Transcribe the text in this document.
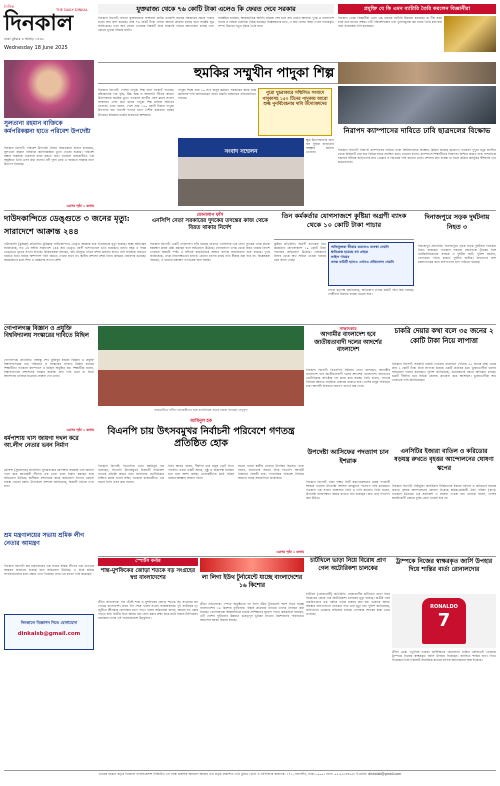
দৈনিক
দিনকাল
THE DAILY DINKAL
ঢাকা বুধবার ৪ আষাঢ় ১৪৩২
Wednesday 18 June 2025
যুক্তরাজ্য থেকে ৭৬ কোটি টাকা এলেও কি ফেরত দেবে সরকার	প্রযুক্তি যে কি এমন ব্যাটারি তৈরি করলেন বিজ্ঞানীরা
দিনকাল রিপোর্ট: লন্ডনে যুক্তরাজ্যের ন্যাশনাল ক্রাইম এজেন্সি সাবেক সরকারের সময়ে পাচার হওয়া অর্থ জব্দ করেছে। প্রায় ৭৬ কোটি টাকা ফেরত আনার প্রক্রিয়া চলছে বলে সংশ্লিষ্ট সূত্র জানিয়েছে। তবে অর্থ ফেরত দেওয়ার বিষয়টি নিয়ে সরকারি পর্যায়ে আলোচনা চলছে এবং কোনো চূড়ান্ত সিদ্ধান্ত হয়নি।
সংশ্লিষ্টরা বলছেন, আন্তর্জাতিক আইনি প্রক্রিয়া শেষ হলে অর্থ ফেরত আসবে। দুদক ও বাংলাদেশ ব্যাংক এ বিষয়ে একাধিক বৈঠক করেছে। বিশ্লেষকদের মতে, এ অর্থ ফেরত আনা গেলে পাচারকৃত সম্পদ উদ্ধারে নতুন দৃষ্টান্ত তৈরি হবে।
দিনকাল ডেস্ক: বিজ্ঞানীরা এমন এক ধরনের ব্যাটারি উদ্ভাবন করেছেন যা দীর্ঘ সময় চার্জ ধরে রাখতে সক্ষম। এটি পরিবেশবান্ধব এবং তুলনামূলক কম খরচে তৈরি করা যায় বলে গবেষকরা দাবি করেছেন।
হুমকির সম্মুখীন পাদুকা শিল্প
সুলতানা রহমান বাক্তিকে কর্মপরিকল্পনা হাতে পরিবেশ উপদেষ্টা
দিনকাল রিপোর্ট: পরিবেশ উপদেষ্টা সৈয়দা রিজওয়ানা হাসান বলেছেন, সুলতানা রহমান বাক্তিকে কর্মপরিকল্পনা তুলে দেওয়া হয়েছে। পরিবেশ রক্ষায় সকলকে একসঙ্গে কাজ করতে হবে। গতকাল রাজধানীতে এক অনুষ্ঠানে তিনি এসব কথা বলেন। নদী দূষণ রোধ ও বনায়নে সরকার নানা উদ্যোগ নিয়েছে।
এরপর পৃষ্ঠা ২ কলাম
দিনকাল রিপোর্ট: দেশের পাদুকা শিল্প নানা সংকটে পড়েছে। কাঁচামালের দাম বৃদ্ধি, উচ্চ শুল্ক ও আমদানি নীতির কারণে উদ্যোক্তারা হুমকির মুখে। গতকাল জাতীয় প্রেস ক্লাবে সংবাদ সম্মেলনে এসব কথা বলেন পাদুকা শিল্প মালিক সমিতির নেতারা। তারা বলেন, দেশে প্রায় ১৫০ কোটি টাকার পাদুকা উৎপাদন হয়। বিদেশি পণ্যের চাপে দেশীয় কারখানা বন্ধের উপক্রম। শ্রমিকরা চাকরি হারানোর আশঙ্কায়।
সংবাদ সম্মেলন
পাদুকা শিল্পে প্রায় ১০ লাখ মানুষ কর্মরত। সরকারের কাছে শুল্ক কমানোর দাবি জানিয়েছেন তারা। রপ্তানি বাজারেও প্রতিযোগিতা বাড়ছে।
পুরো খুচরাকারে সম্মিলিত সংবাদে পাদুকাসহ ১৫০ টিনের পাদুকায় আরো শুল্ক পুনর্বিবেচনার দাবি উদ্যোক্তাদের
ক্ষুদ্র উদ্যোক্তাদের জন্য ঋণ সুবিধা বাড়ানোর আহ্বান জানান নেতারা।
নিরাপদ ক্যাম্পাসের দাবিতে ঢাবি ছাত্রদলের বিক্ষোভ
দিনকাল রিপোর্ট: নিরাপদ ক্যাম্পাসের দাবিতে ঢাকা বিশ্ববিদ্যালয়ে বিক্ষোভ মিছিল করেছে ছাত্রদল। গতকাল দুপুরে মধুর ক্যান্টিন থেকে মিছিলটি বের হয়ে বিভিন্ন সড়ক প্রদক্ষিণ করে। নেতারা বলেন, ক্যাম্পাসে শিক্ষার্থীদের নিরাপত্তা নিশ্চিত করতে হবে। সাম্প্রতিক হামলার ঘটনায় জড়িতদের দ্রুত গ্রেপ্তার ও বিচারের দাবি জানান তারা। প্রশাসন দ্রুত ব্যবস্থা না নিলে কঠোর কর্মসূচির হুঁশিয়ারি দেন ছাত্রনেতারা।
দাউদকান্দিতে ডেঙ্গুতে ৩ জনের মৃত্যু: সারাদেশে আক্রান্ত ২৪৪
দাউদকান্দি (কুমিল্লা) প্রতিনিধি: কুমিল্লার দাউদকান্দিতে ডেঙ্গু আক্রান্ত হয়ে তিনজনের মৃত্যু হয়েছে। স্বাস্থ্য অধিদপ্তর জানিয়েছে, গত ২৪ ঘণ্টায় সারাদেশে ২৪৪ জন ডেঙ্গু রোগী হাসপাতালে ভর্তি হয়েছেন। চলতি বছর এ পর্যন্ত ডেঙ্গুতে মৃতের সংখ্যা বাড়ছে। চিকিৎসকরা বলছেন, বর্ষা মৌসুমে এডিস মশার প্রজনন বাড়ে। তাই সবাইকে সচেতন থাকতে হবে। বাড়ির আশপাশে পানি জমতে দেওয়া যাবে না। স্থানীয় প্রশাসন মশক নিধন কার্যক্রম জোরদার করেছে। আক্রান্তদের মধ্যে শিশু ও বয়স্কদের সংখ্যা বেশি।
ফোনালাপ ফাঁস
এনসিপি নেতা সরকারের দুদকের তদন্তের কাজ থেকে বিরত থাকার নির্দেশ
দিনকাল রিপোর্ট: একটি ফোনালাপ ফাঁস হয়েছে যেখানে এনসিপির এক নেতা দুদকের তদন্ত কাজে হস্তক্ষেপ করার চেষ্টা করছেন বলে অভিযোগ উঠেছে। ফোনালাপে তদন্ত থেকে বিরত থাকার নির্দেশ দেওয়ার বিষয়টি স্পষ্ট। এ ঘটনায় রাজনৈতিক অঙ্গনে ব্যাপক সমালোচনা শুরু হয়েছে। দুদক জানিয়েছে, তদন্ত নিরপেক্ষভাবে চলবে। কোনো চাপের কাছে নতি স্বীকার করা হবে না। বিশ্লেষকরা বলছেন, এ ধরনের হস্তক্ষেপ গণতন্ত্রের জন্য হুমকি।
তিন কর্মকর্তার যোগসাজশে কুষ্টিয়া অগ্রণী ব্যাংক থেকে ১০ কোটি টাকা পাচার
কুষ্টিয়া প্রতিনিধি: অগ্রণী ব্যাংকের তিন কর্মকর্তার যোগসাজশে ১০ কোটি টাকা পাচারের অভিযোগ উঠেছে। গ্রাহকদের হিসাব থেকে অর্থ সরিয়ে নেওয়া হয়েছে বলে জানা গেছে।
অভিযুক্তরা স্বীকার করলেও ব্যবস্থা নেয়নি
ক্ষতিগ্রস্ত হয়েছে বহু গ্রাহক
ফাইল গায়েব
তদন্ত কমিটি হলেও এখনও প্রতিবেদন দেয়নি
ব্যাংক কর্তৃপক্ষ জানিয়েছে, অভিযোগ তদন্তে কমিটি গঠন করা হয়েছে। দোষীদের বিরুদ্ধে ব্যবস্থা নেওয়া হবে।
দিনাজপুরে সড়ক দুর্ঘটনায় নিহত ৩
দিনাজপুর প্রতিনিধি: দিনাজপুরে পৃথক সড়ক দুর্ঘটনায় তিনজন নিহত হয়েছেন। গতকাল সকালে মহাসড়কে ট্রাকের সঙ্গে মোটরসাইকেলের সংঘর্ষে এ দুর্ঘটনা ঘটে। পুলিশ জানায়, বেপরোয়া গতির কারণে দুর্ঘটনা ঘটেছে। নিহতদের লাশ ময়নাতদন্তের জন্য হাসপাতাল মর্গে পাঠানো হয়েছে।
গোপালগঞ্জ বিজ্ঞান ও প্রযুক্তি বিশ্ববিদ্যালয় সংস্কারের দাবিতে মিছিল
গোপালগঞ্জ প্রতিনিধি: বঙ্গবন্ধু শেখ মুজিবুর রহমান বিজ্ঞান ও প্রযুক্তি বিশ্ববিদ্যালয়ের নাম পরিবর্তন ও সংস্কারের দাবিতে মিছিল করেছে শিক্ষার্থীরা। গতকাল ক্যাম্পাসে এ মিছিল অনুষ্ঠিত হয়। শিক্ষার্থীরা বলেন, বিশ্ববিদ্যালয়ে প্রশাসনিক সংস্কার জরুরি। দ্রুত দাবি মেনে না নিলে আন্দোলন চালিয়ে যাওয়ার ঘোষণা দেন তারা।
এরপর পৃষ্ঠা ২ কলাম
রাজধানীতে দলীয় নেতাকর্মীদের সঙ্গে মতবিনিময় সভায় বক্তব্য রাখছেন নেতৃবৃন্দ
সাক্ষাৎকার
আগামীর বাংলাদেশ হবে জাতীয়তাবাদী দলের আদর্শের বাংলাদেশ
দিনকাল রিপোর্ট: বিএনপির সিনিয়র নেতা বলেছেন, আগামীর বাংলাদেশ হবে জাতীয়তাবাদী দলের আদর্শের বাংলাদেশ। জনগণের ভোটাধিকার প্রতিষ্ঠায় দল কাজ করে যাচ্ছে। তিনি বলেন, গণতন্ত্র ফিরিয়ে আনতে সবাইকে ঐক্যবদ্ধ থাকতে হবে। দেশের মানুষ পরিবর্তন চায়। আগামী নির্বাচনে জনগণ তাদের রায় দেবে।
চাকরি দেয়ার কথা বলে ৩৫ জনের ২ কোটি টাকা নিয়ে লাপাত্তা
দিনকাল রিপোর্ট: সরকারি চাকরি দেওয়ার প্রলোভন দেখিয়ে ৩৫ জনের কাছ থেকে প্রায় ২ কোটি টাকা নিয়ে লাপাত্তা হয়েছে একটি প্রতারক চক্র। ভুক্তভোগীরা থানায় অভিযোগ দায়ের করেছেন। পুলিশ জানিয়েছে, প্রতারকদের ধরতে অভিযান চলছে। চক্রটি দীর্ঘদিন ধরে বিভিন্ন জেলায় প্রতারণা করে আসছিল। ভুক্তভোগীরা অর্থ ফেরতের দাবি জানিয়েছেন।
ধর্মপাশায় খাস জায়গা দখল করে আ.লীগ নেতার ভবন নির্মাণ
ধর্মপাশা (সুনামগঞ্জ) প্রতিনিধি: সুনামগঞ্জের ধর্মপাশায় সরকারি খাস জায়গা দখল করে আওয়ামী লীগের এক নেতা ভবন নির্মাণ করছেন বলে অভিযোগ উঠেছে। স্থানীয়রা প্রশাসনের কাছে অভিযোগ দিলেও কোনো ব্যবস্থা নেওয়া হয়নি। উপজেলা প্রশাসন জানিয়েছে, বিষয়টি খতিয়ে দেখা হবে।
আমিনুল হক
বিএনপি চায় উৎসবমুখর নির্বাচনী পরিবেশে গণতন্ত্র প্রতিষ্ঠিত হোক
দিনকাল রিপোর্ট: বিএনপির নেতা আমিনুল হক বলেছেন, বিএনপি উৎসবমুখর নির্বাচনী পরিবেশে গণতন্ত্র প্রতিষ্ঠা করতে চায়। জনগণের ভোটাধিকার নিশ্চিত করাই দলের লক্ষ্য। গতকাল রাজধানীতে এক সভায় তিনি এসব কথা বলেন।
তিনি আরও বলেন, দীর্ঘদিন ধরে মানুষ ভোট দিতে পারেনি। এবার একটি অবাধ, সুষ্ঠু ও নিরপেক্ষ নির্বাচন হবে বলে আশা করছি। নেতাকর্মীদের মাঠে সক্রিয় থাকার আহ্বান জানান তিনি।
সভায় দলের স্থানীয় নেতারা উপস্থিত ছিলেন। তারা বলেন, জনগণের সমর্থন নিয়ে বিএনপি আগামী নির্বাচনে বিজয়ী হবে। গণতান্ত্রিক পরিবেশ ফিরিয়ে আনতে সবার সহযোগিতা প্রয়োজন।
এরপর পৃষ্ঠা ২ কলাম
উপদেষ্টা আসিফের পদত্যাগ চান ইশরাক
দিনকাল রিপোর্ট: ঢাকা দক্ষিণ সিটি করপোরেশনের মেয়র পদপ্রার্থী ইশরাক হোসেন উপদেষ্টা আসিফ মাহমুদের পদত্যাগ দাবি করেছেন। গতকাল এক সংবাদ সম্মেলনে তিনি এ দাবি জানান। তিনি বলেন, উপদেষ্টা নিরপেক্ষতা বজায় রাখতে ব্যর্থ হয়েছেন। দ্রুত তার পদত্যাগ করা উচিত।
এনসিটির ইজারা বাতিল ও করিডোর ষড়যন্ত্র রুখতে বৃহত্তর আন্দোলনের ঘোষণা স্কপের
দিনকাল রিপোর্ট: নিউমুরিং কন্টেইনার টার্মিনালের ইজারা বাতিল ও করিডোর ষড়যন্ত্র রুখতে বৃহত্তর আন্দোলনের ঘোষণা দিয়েছে শ্রমিক-কর্মচারী ঐক্য পরিষদ (স্কপ)। গতকাল চট্টগ্রামে এক সমাবেশে এ ঘোষণা দেওয়া হয়। নেতারা বলেন, দেশের স্বার্থবিরোধী কোনো চুক্তি মেনে নেওয়া হবে না।
শ্রম মন্ত্রণালয়ের সভায় শ্রমিক লীগ নেতার আমন্ত্রণ
দিনকাল রিপোর্ট: শ্রম মন্ত্রণালয়ের এক সভায় শ্রমিক লীগের এক নেতাকে আমন্ত্রণ জানানো হয়েছে বলে অভিযোগ উঠেছে। এ নিয়ে শ্রমিক সংগঠনগুলোর মধ্যে ক্ষোভ দেখা দিয়েছে। তারা এর ব্যাখ্যা দাবি করেছেন।
দিনকালে বিজ্ঞাপন দিতে যোগাযোগ
dinkalsb@gmail.com
স্পোর্টস কর্নার
শান্ত-মুশফিকের জোড়া শতকে বড় সংগ্রহের স্বপ্ন বাংলাদেশের
ক্রীড়া প্রতিবেদক: গল টেস্টে শান্ত ও মুশফিকের জোড়া শতকে বড় সংগ্রহের স্বপ্ন দেখছে বাংলাদেশ। প্রথম দিন শেষে দলের সংগ্রহ সন্তোষজনক। দুই ব্যাটারের দৃঢ় জুটিতে শ্রীলঙ্কার বোলাররা চাপে পড়ে। দলের অধিনায়ক বলেন, আমরা বড় স্কোর গড়তে চাই। দ্বিতীয় দিনে আরও রান যোগ করার লক্ষ্য নিয়ে মাঠে নামবে টাইগাররা। সমর্থকরা দলের এই পারফরম্যান্সে উচ্ছ্বসিত।
লা লিগা ইউথ টুর্নামেন্টে যাচ্ছে বাংলাদেশের ১৬ কিশোর
ক্রীড়া প্রতিবেদক: স্পেনে অনুষ্ঠিতব্য লা লিগা ইউথ টুর্নামেন্টে অংশ নিতে যাচ্ছে বাংলাদেশের ১৬ কিশোর ফুটবলার। বাছাই প্রক্রিয়ার মাধ্যমে তাদের নির্বাচন করা হয়েছে। খেলোয়াড়রা আন্তর্জাতিক মানের প্রশিক্ষণের সুযোগ পাবে। কর্মকর্তারা বলছেন, এটি দেশের ফুটবলের উন্নয়নে গুরুত্বপূর্ণ ভূমিকা রাখবে। কিশোরদের পরিবারেও আনন্দের আবহ বিরাজ করছে।
চাটখিলে ভাড়া নিয়ে বিরোধ প্রাণ গেল অটোরিকশা চালকের
চাটখিল (নোয়াখালী) প্রতিনিধি: নোয়াখালীর চাটখিলে ভাড়া নিয়ে বিরোধের জেরে এক অটোরিকশা চালকের মৃত্যু হয়েছে। যাত্রীর সঙ্গে বাকবিতণ্ডার এক পর্যায়ে তাকে মারধর করা হয়। গুরুতর আহত অবস্থায় হাসপাতালে নেওয়ার পথে তার মৃত্যু হয়। পুলিশ জানিয়েছে, জড়িতদের গ্রেপ্তারে অভিযান চলছে। এলাকায় শোকের ছায়া নেমে এসেছে।
ট্রাম্পকে নিজের স্বাক্ষরকৃত জার্সি উপহার দিয়ে শান্তির বার্তা রোনালদোর
RONALDO
7
ক্রীড়া ডেস্ক: পর্তুগিজ তারকা ক্রিস্টিয়ানো রোনালদো মার্কিন প্রেসিডেন্ট ডোনাল্ড ট্রাম্পকে নিজের স্বাক্ষরকৃত জার্সি উপহার দিয়েছেন। জার্সিতে শান্তির বার্তা লিখে দিয়েছেন তিনি। বিষয়টি সামাজিক মাধ্যমে ব্যাপক আলোচনার জন্ম দিয়েছে।
তারেক রহমান কর্তৃক দিনকাল পাবলিকেশন্স লিমিটেড এর পক্ষে প্রকাশক আহমেদ আজম খান কর্তৃক প্রকাশিত এবং মুদ্রিত। বার্তা ও বাণিজ্যিক কার্যালয়: ১৭৫, নয়াপল্টন, ঢাকা-১০০০। ফোন: ০২-৯৩৩৪৪০৮। ই-মেইল: dinkalsb@gmail.com
